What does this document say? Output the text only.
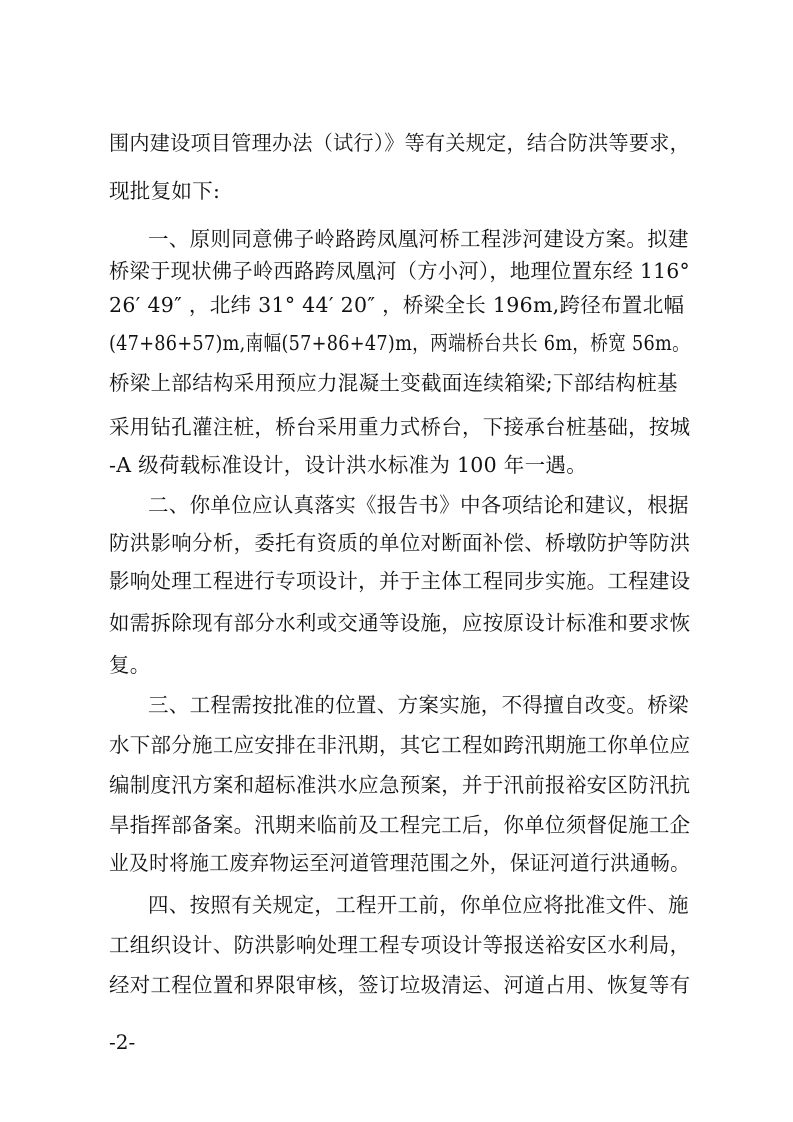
围内建设项目管理办法（试行）》等有关规定，结合防洪等要求，
现批复如下:
一、原则同意佛子岭路跨凤凰河桥工程涉河建设方案。拟建
桥梁于现状佛子岭西路跨凤凰河（方小河），地理位置东经 116°
26′ 49″ ，北纬 31° 44′ 20″ ，桥梁全长 196m,跨径布置北幅
(47+86+57)m,南幅(57+86+47)m，两端桥台共长 6m，桥宽 56m。
桥梁上部结构采用预应力混凝土变截面连续箱梁;下部结构桩基
采用钻孔灌注桩，桥台采用重力式桥台，下接承台桩基础，按城
-A 级荷载标准设计，设计洪水标准为 100 年一遇。
二、你单位应认真落实《报告书》中各项结论和建议，根据
防洪影响分析，委托有资质的单位对断面补偿、桥墩防护等防洪
影响处理工程进行专项设计，并于主体工程同步实施。工程建设
如需拆除现有部分水利或交通等设施，应按原设计标准和要求恢
复。
三、工程需按批准的位置、方案实施，不得擅自改变。桥梁
水下部分施工应安排在非汛期，其它工程如跨汛期施工你单位应
编制度汛方案和超标准洪水应急预案，并于汛前报裕安区防汛抗
旱指挥部备案。汛期来临前及工程完工后，你单位须督促施工企
业及时将施工废弃物运至河道管理范围之外，保证河道行洪通畅。
四、按照有关规定，工程开工前，你单位应将批准文件、施
工组织设计、防洪影响处理工程专项设计等报送裕安区水利局，
经对工程位置和界限审核，签订垃圾清运、河道占用、恢复等有
-2-
